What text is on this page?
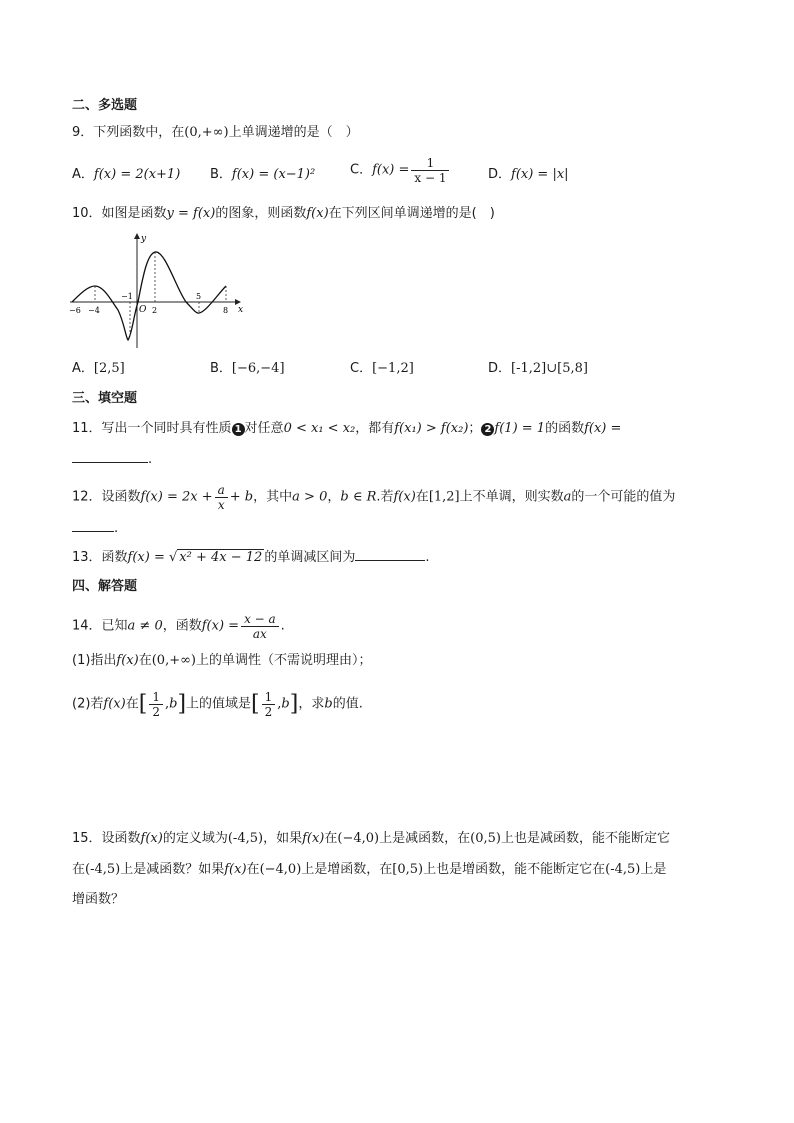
二、多选题
9．下列函数中，在(0,+∞)上单调递增的是（　）
A．f(x) = 2(x+1) B．f(x) = (x−1)²	C．$f(x) = \frac{1}{x - 1}$	D．f(x) = |x|
10．如图是函数y = f(x)的图象，则函数f(x)在下列区间单调递增的是(　)
x
y
O
−6 −4
−1
2
5
8
A．[2,5]	B．[−6,−4]	C．[−1,2]	D．[-1,2]∪[5,8]
三、填空题
11．写出一个同时具有性质 1 对任意0 < x₁ < x₂，都有f(x₁) > f(x₂)； 2 f(1) = 1的函数f(x) =
.
12．设函数$f(x) = 2x + \frac{a}{x} + b$，其中a > 0，b ∈ R.若f(x)在[1,2]上不单调，则实数a的一个可能的值为
.
13．函数f(x) = √ x² + 4x − 12 的单调减区间为	.
四、解答题
14．已知a ≠ 0，函数$f(x) = \frac{x - a}{ax}$ .
(1)指出f(x)在(0,+∞)上的单调性（不需说明理由）；
(2)若f(x)在[ $\frac{1}{2} ,b$]上的值域是[ $\frac{1}{2} ,b$]，求b的值.
15．设函数f(x)的定义域为(-4,5)，如果f(x)在(−4,0)上是减函数，在(0,5)上也是减函数，能不能断定它
在(-4,5)上是减函数？如果f(x)在(−4,0)上是增函数，在[0,5)上也是增函数，能不能断定它在(-4,5)上是
增函数？
